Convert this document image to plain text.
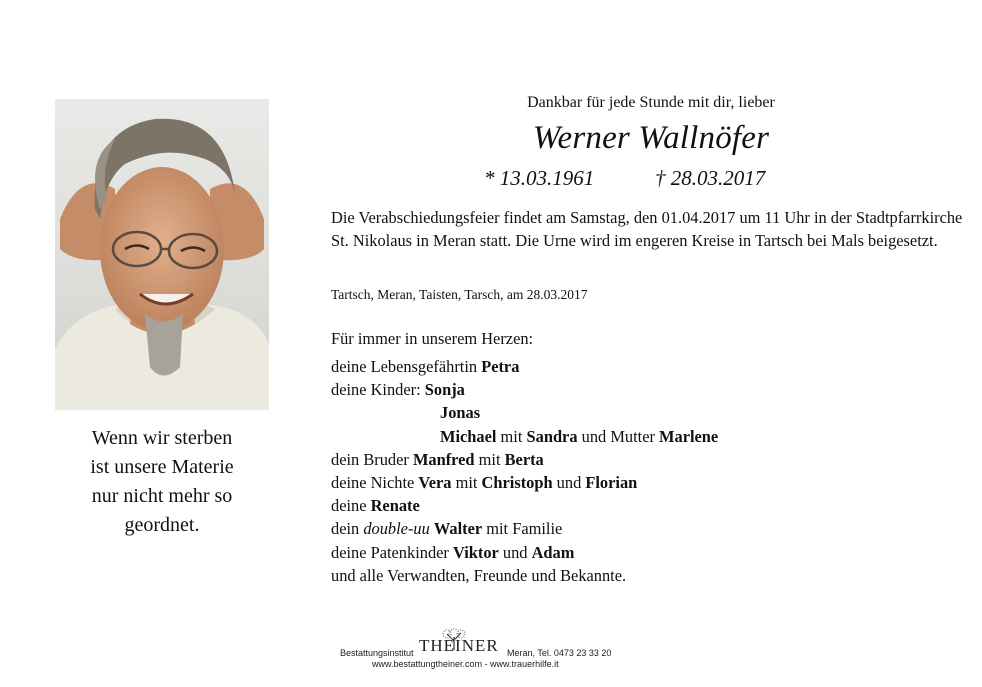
Wenn wir sterben
ist unsere Materie
nur nicht mehr so
geordnet.
Dankbar für jede Stunde mit dir, lieber
Werner Wallnöfer
* 13.03.1961	† 28.03.2017
Die Verabschiedungsfeier findet am Samstag, den 01.04.2017 um 11 Uhr in der Stadtpfarrkirche St. Nikolaus in Meran statt. Die Urne wird im engeren Kreise in Tartsch bei Mals beigesetzt.
Tartsch, Meran, Taisten, Tarsch, am 28.03.2017
Für immer in unserem Herzen:
deine Lebensgefährtin Petra
deine Kinder: Sonja
Jonas
Michael mit Sandra und Mutter Marlene
dein Bruder Manfred mit Berta
deine Nichte Vera mit Christoph und Florian
deine Renate
dein double-uu Walter mit Familie
deine Patenkinder Viktor und Adam
und alle Verwandten, Freunde und Bekannte.
Bestattungsinstitut THEINER Meran, Tel. 0473 23 33 20
www.bestattungtheiner.com - www.trauerhilfe.it
